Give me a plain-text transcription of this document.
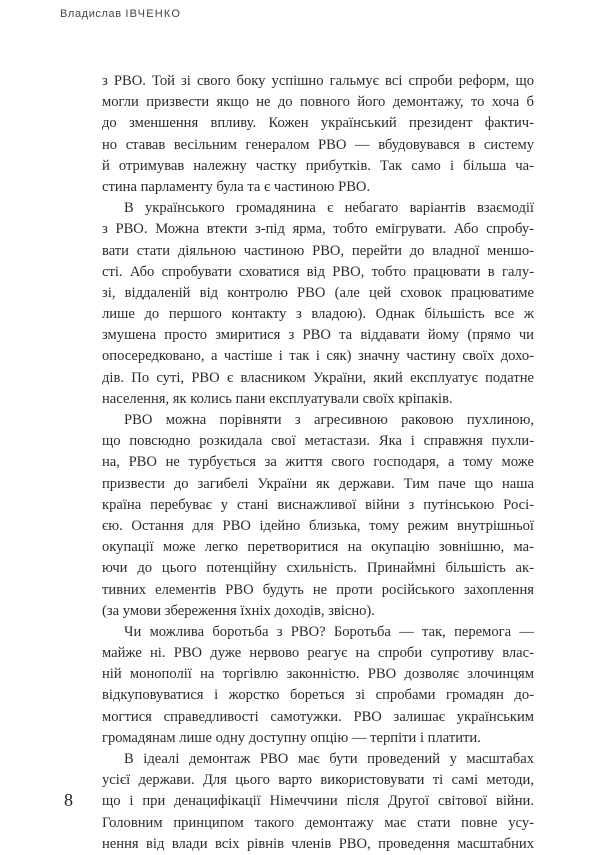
Владислав ІВЧЕНКО
з РВО. Той зі свого боку успішно гальмує всі спроби реформ, що
могли призвести якщо не до повного його демонтажу, то хоча б
до зменшення впливу. Кожен український президент фактич-
но ставав весільним генералом РВО — вбудовувався в систему
й отримував належну частку прибутків. Так само і більша ча-
стина парламенту була та є частиною РВО.
В українського громадянина є небагато варіантів взаємодії
з РВО. Можна втекти з-під ярма, тобто емігрувати. Або спробу-
вати стати діяльною частиною РВО, перейти до владної меншо-
сті. Або спробувати сховатися від РВО, тобто працювати в галу-
зі, віддаленій від контролю РВО (але цей сховок працюватиме
лише до першого контакту з владою). Однак більшість все ж
змушена просто змиритися з РВО та віддавати йому (прямо чи
опосередковано, а частіше і так і сяк) значну частину своїх дохо-
дів. По суті, РВО є власником України, який експлуатує податне
населення, як колись пани експлуатували своїх кріпаків.
РВО можна порівняти з агресивною раковою пухлиною,
що повсюдно розкидала свої метастази. Яка і справжня пухли-
на, РВО не турбується за життя свого господаря, а тому може
призвести до загибелі України як держави. Тим паче що наша
країна перебуває у стані виснажливої війни з путінською Росі-
єю. Остання для РВО ідейно близька, тому режим внутрішньої
окупації може легко перетворитися на окупацію зовнішню, ма-
ючи до цього потенційну схильність. Принаймні більшість ак-
тивних елементів РВО будуть не проти російського захоплення
(за умови збереження їхніх доходів, звісно).
Чи можлива боротьба з РВО? Боротьба — так, перемога —
майже ні. РВО дуже нервово реагує на спроби супротиву влас-
ній монополії на торгівлю законністю. РВО дозволяє злочинцям
відкуповуватися і жорстко бореться зі спробами громадян до-
могтися справедливості самотужки. РВО залишає українським
громадянам лише одну доступну опцію — терпіти і платити.
В ідеалі демонтаж РВО має бути проведений у масштабах
усієї держави. Для цього варто використовувати ті самі методи,
що і при денацифікації Німеччини після Другої світової війни.
Головним принципом такого демонтажу має стати повне усу-
нення від влади всіх рівнів членів РВО, проведення масштабних
8
